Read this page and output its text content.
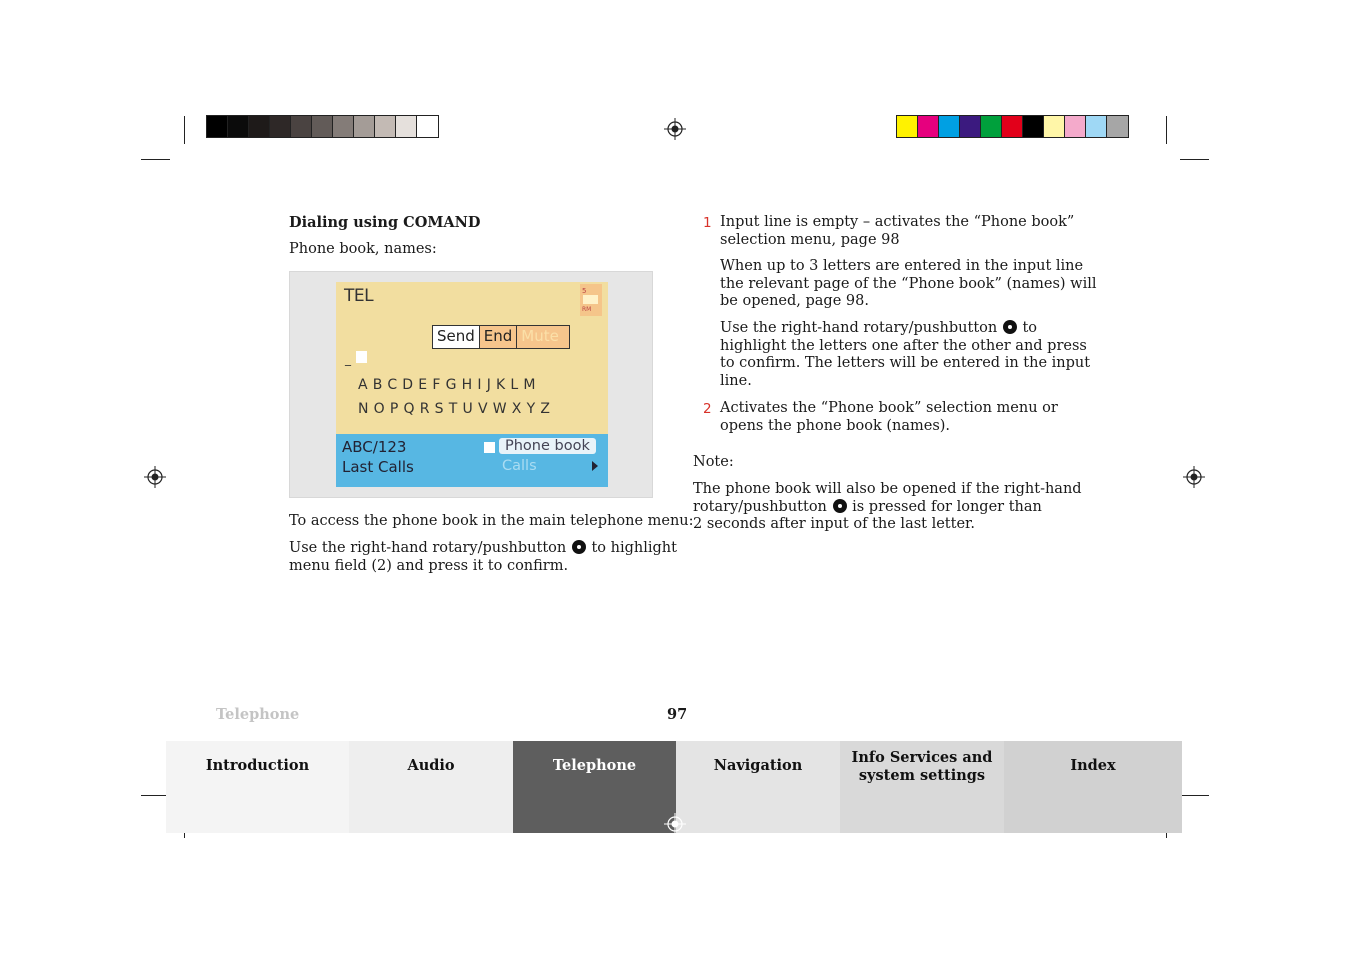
Dialing using COMAND
Phone book, names:
TEL	5
RM
Send End Mute
_
ABCDEFGHIJKLM
NOPQRSTUVWXYZ
ABC/123
Last Calls
Phone book
Calls
To access the phone book in the main telephone menu:
Use the right-hand rotary/pushbutton to highlight
menu field (2) and press it to confirm.
1 Input line is empty – activates the “Phone book”
selection menu, page 98
When up to 3 letters are entered in the input line
the relevant page of the “Phone book” (names) will
be opened, page 98.
Use the right-hand rotary/pushbutton to
highlight the letters one after the other and press
to confirm. The letters will be entered in the input
line.
2 Activates the “Phone book” selection menu or
opens the phone book (names).
Note:
The phone book will also be opened if the right-hand
rotary/pushbutton is pressed for longer than
2 seconds after input of the last letter.
Telephone	97
Introduction	Audio	Telephone	Navigation	Info Services and
system settings
Index
